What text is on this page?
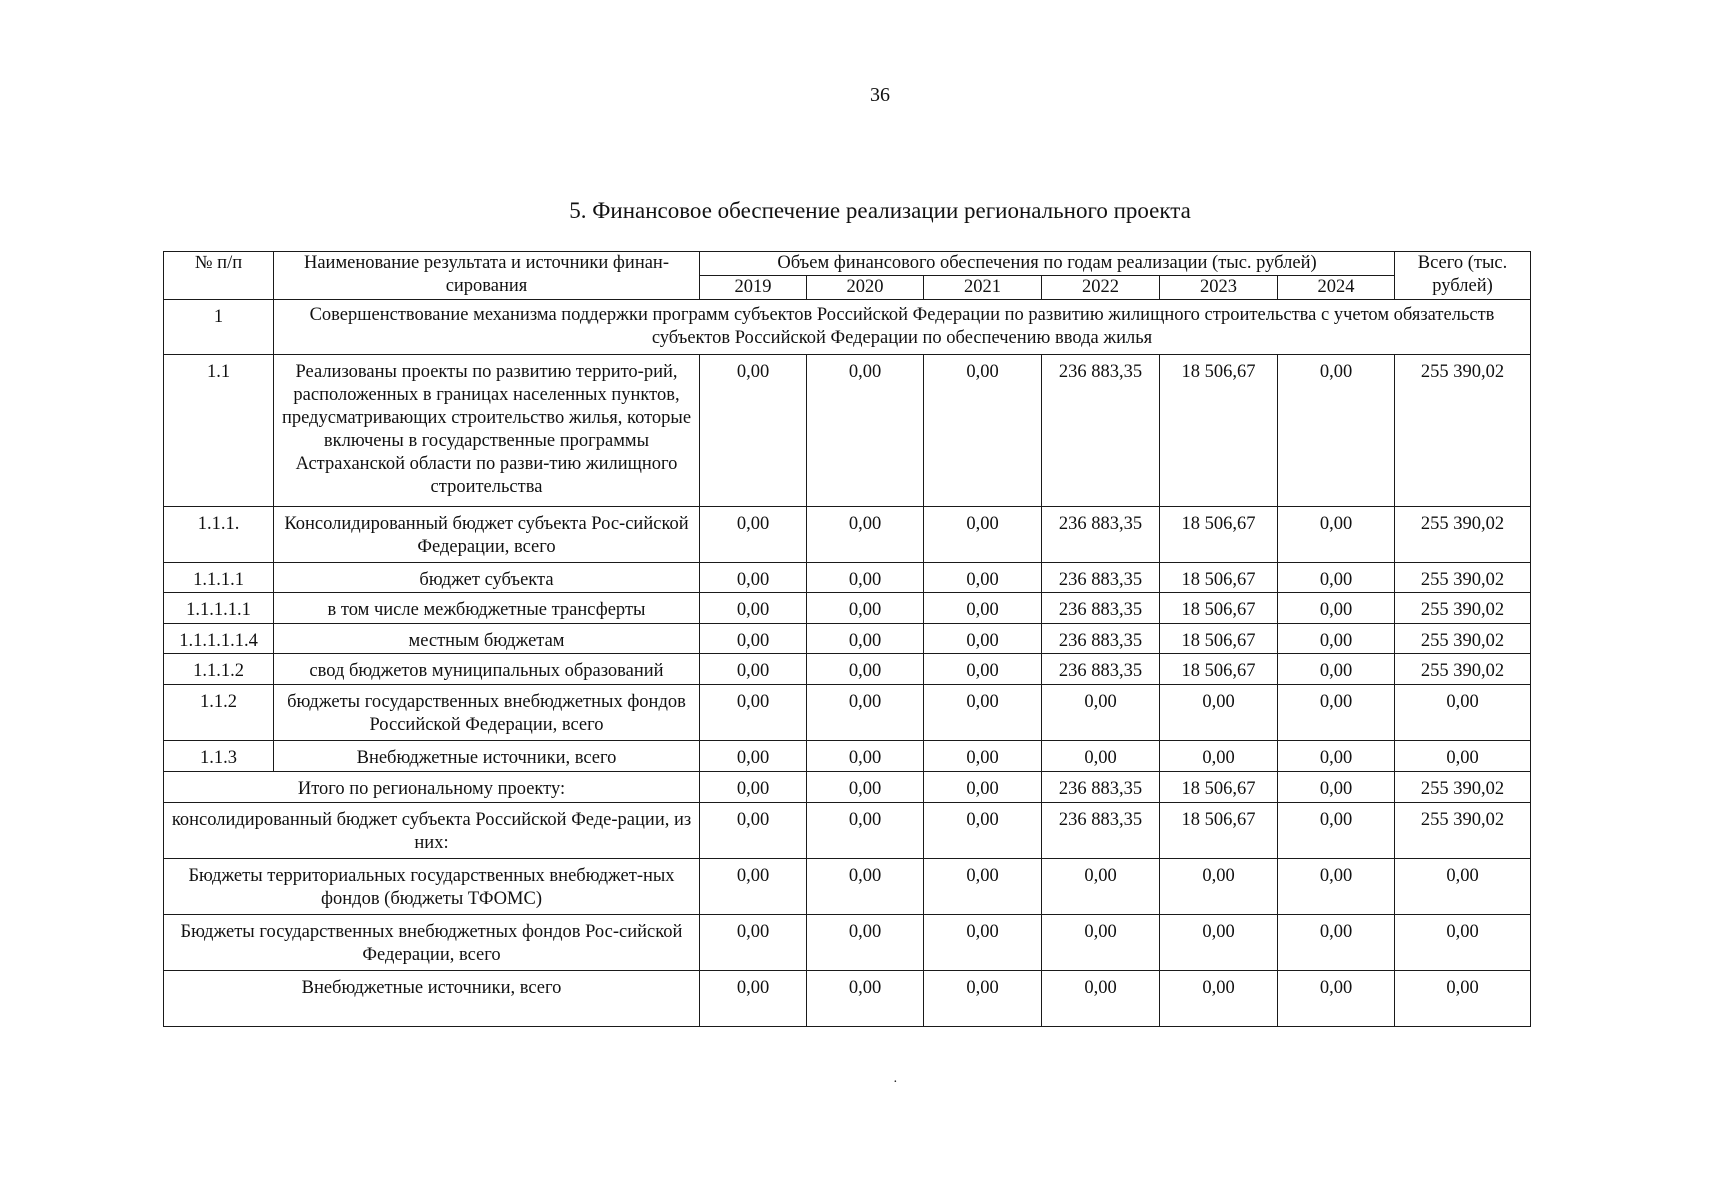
36
5. Финансовое обеспечение реализации регионального проекта
№ п/п	Наименование результата и источники финан-сирования	Объем финансового обеспечения по годам реализации (тыс. рублей)						Всего (тыс. рублей)
		2019	2020	2021	2022	2023	2024	
1	Совершенствование механизма поддержки программ субъектов Российской Федерации по развитию жилищного строительства с учетом обязательств субъектов Российской Федерации по обеспечению ввода жилья							
1.1	Реализованы проекты по развитию террито-рий, расположенных в границах населенных пунктов, предусматривающих строительство жилья, которые включены в государственные программы Астраханской области по разви-тию жилищного строительства	0,00	0,00	0,00	236 883,35	18 506,67	0,00	255 390,02
1.1.1.	Консолидированный бюджет субъекта Рос-сийской Федерации, всего	0,00	0,00	0,00	236 883,35	18 506,67	0,00	255 390,02
1.1.1.1	бюджет субъекта	0,00	0,00	0,00	236 883,35	18 506,67	0,00	255 390,02
1.1.1.1.1	в том числе межбюджетные трансферты	0,00	0,00	0,00	236 883,35	18 506,67	0,00	255 390,02
1.1.1.1.1.4	местным бюджетам	0,00	0,00	0,00	236 883,35	18 506,67	0,00	255 390,02
1.1.1.2	свод бюджетов муниципальных образований	0,00	0,00	0,00	236 883,35	18 506,67	0,00	255 390,02
1.1.2	бюджеты государственных внебюджетных фондов Российской Федерации, всего	0,00	0,00	0,00	0,00	0,00	0,00	0,00
1.1.3	Внебюджетные источники, всего	0,00	0,00	0,00	0,00	0,00	0,00	0,00
Итого по региональному проекту:		0,00	0,00	0,00	236 883,35	18 506,67	0,00	255 390,02
консолидированный бюджет субъекта Российской Феде-рации, из них:		0,00	0,00	0,00	236 883,35	18 506,67	0,00	255 390,02
Бюджеты территориальных государственных внебюджет-ных фондов (бюджеты ТФОМС)		0,00	0,00	0,00	0,00	0,00	0,00	0,00
Бюджеты государственных внебюджетных фондов Рос-сийской Федерации, всего		0,00	0,00	0,00	0,00	0,00	0,00	0,00
Внебюджетные источники, всего		0,00	0,00	0,00	0,00	0,00	0,00	0,00
·
